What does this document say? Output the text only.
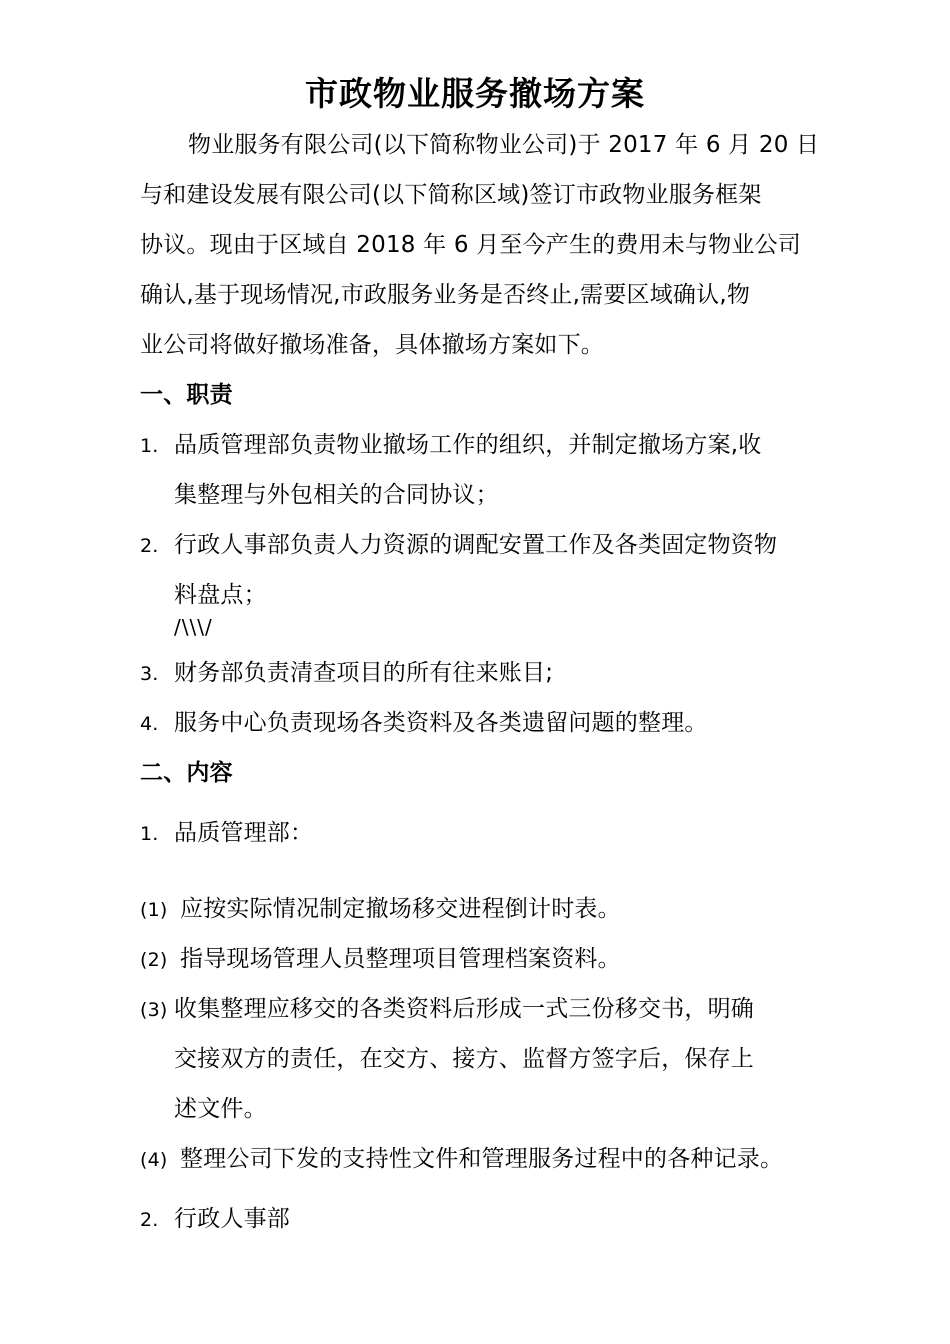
市政物业服务撤场方案
物业服务有限公司(以下简称物业公司)于 2017 年 6 月 20 日
与和建设发展有限公司(以下简称区域)签订市政物业服务框架
协议。现由于区域自 2018 年 6 月至今产生的费用未与物业公司
确认,基于现场情况,市政服务业务是否终止,需要区域确认,物
业公司将做好撤场准备，具体撤场方案如下。
一、职责
1. 品质管理部负责物业撤场工作的组织，并制定撤场方案,收
集整理与外包相关的合同协议；
2. 行政人事部负责人力资源的调配安置工作及各类固定物资物
料盘点；
/\\\/
3. 财务部负责清查项目的所有往来账目;
4. 服务中心负责现场各类资料及各类遗留问题的整理。
二、内容
1. 品质管理部：
(1) 应按实际情况制定撤场移交进程倒计时表。
(2) 指导现场管理人员整理项目管理档案资料。
(3) 收集整理应移交的各类资料后形成一式三份移交书，明确
交接双方的责任，在交方、接方、监督方签字后，保存上
述文件。
(4) 整理公司下发的支持性文件和管理服务过程中的各种记录。
2. 行政人事部
